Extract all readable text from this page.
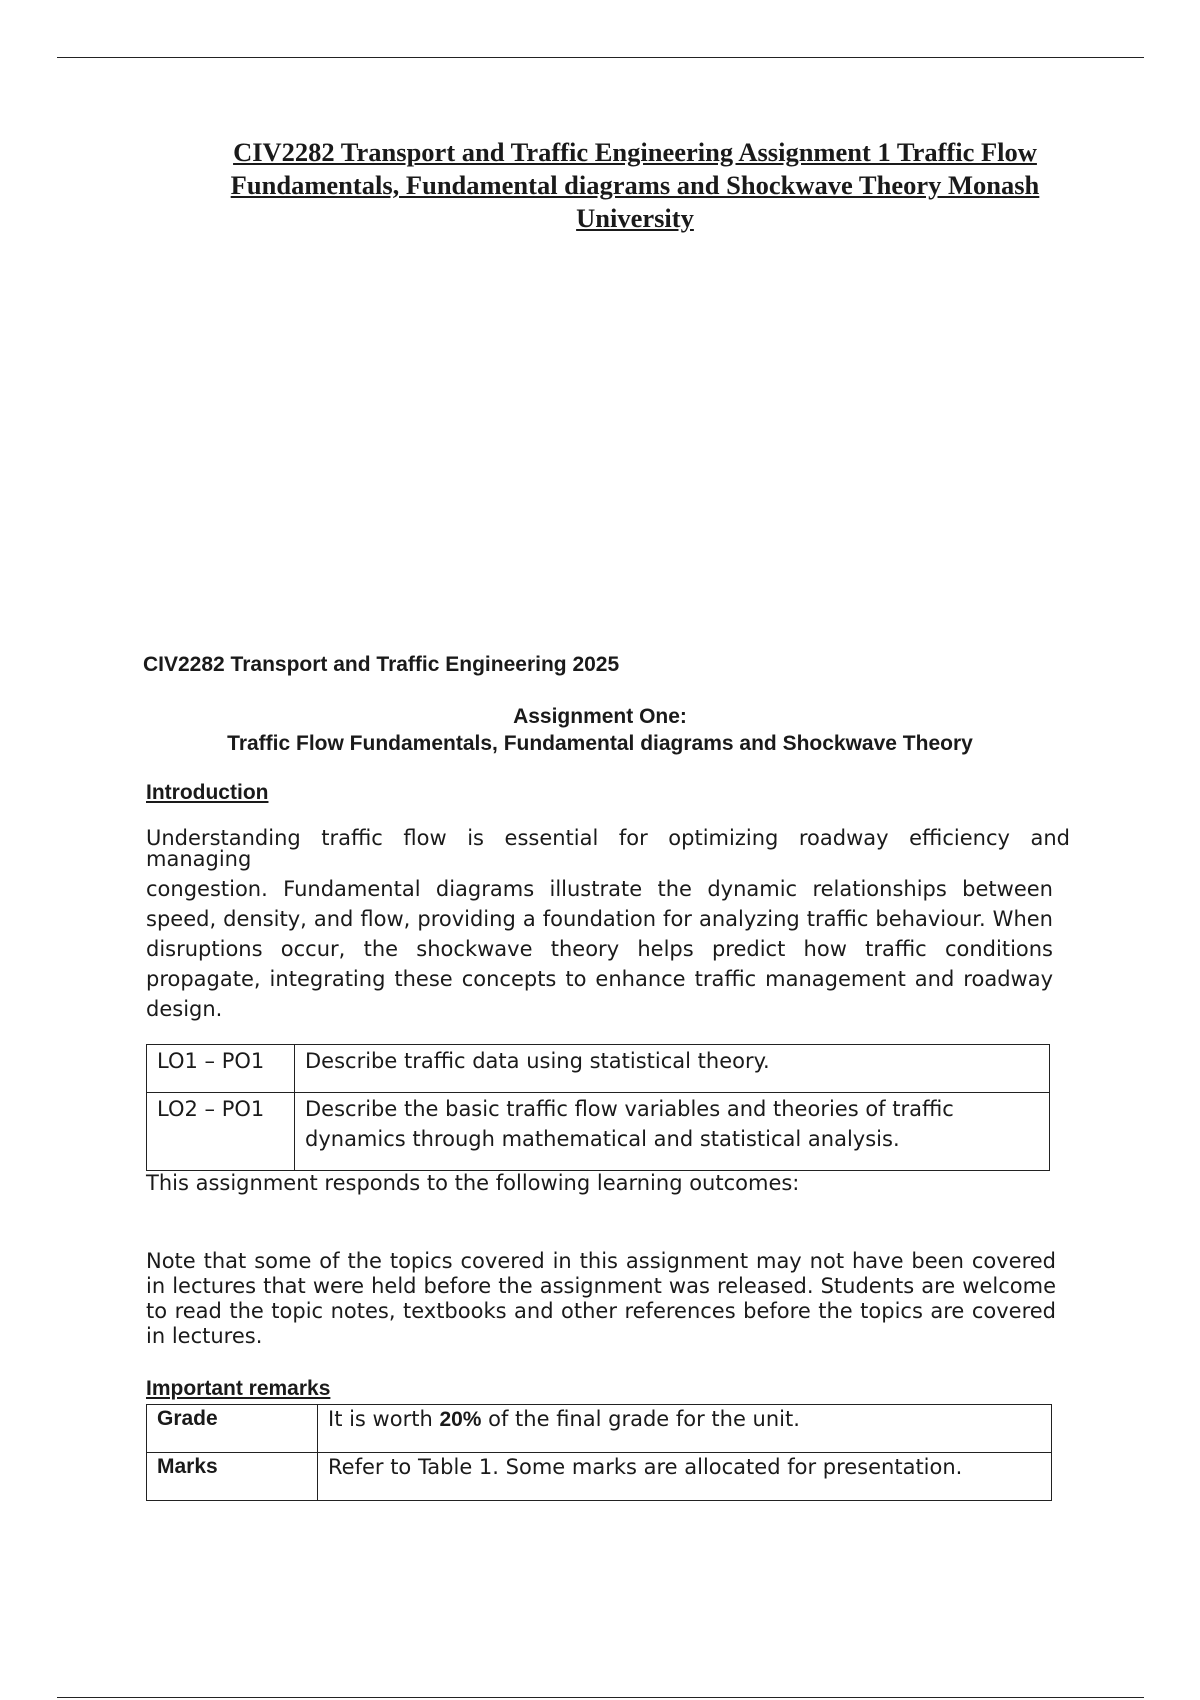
CIV2282 Transport and Traffic Engineering Assignment 1 Traffic Flow Fundamentals, Fundamental diagrams and Shockwave Theory Monash University
CIV2282 Transport and Traffic Engineering 2025
Assignment One:
Traffic Flow Fundamentals, Fundamental diagrams and Shockwave Theory
Introduction
Understanding traffic flow is essential for optimizing roadway efficiency and
managing
congestion. Fundamental diagrams illustrate the dynamic relationships between speed, density, and flow, providing a foundation for analyzing traffic behaviour. When disruptions occur, the shockwave theory helps predict how traffic conditions propagate, integrating these concepts to enhance traffic management and roadway design.
LO1 – PO1	Describe traffic data using statistical theory.
LO2 – PO1	Describe the basic traffic flow variables and theories of traffic dynamics through mathematical and statistical analysis.
This assignment responds to the following learning outcomes:
Note that some of the topics covered in this assignment may not have been covered in lectures that were held before the assignment was released. Students are welcome to read the topic notes, textbooks and other references before the topics are covered in lectures.
Important remarks
Grade	It is worth 20% of the final grade for the unit.
Marks	Refer to Table 1. Some marks are allocated for presentation.
